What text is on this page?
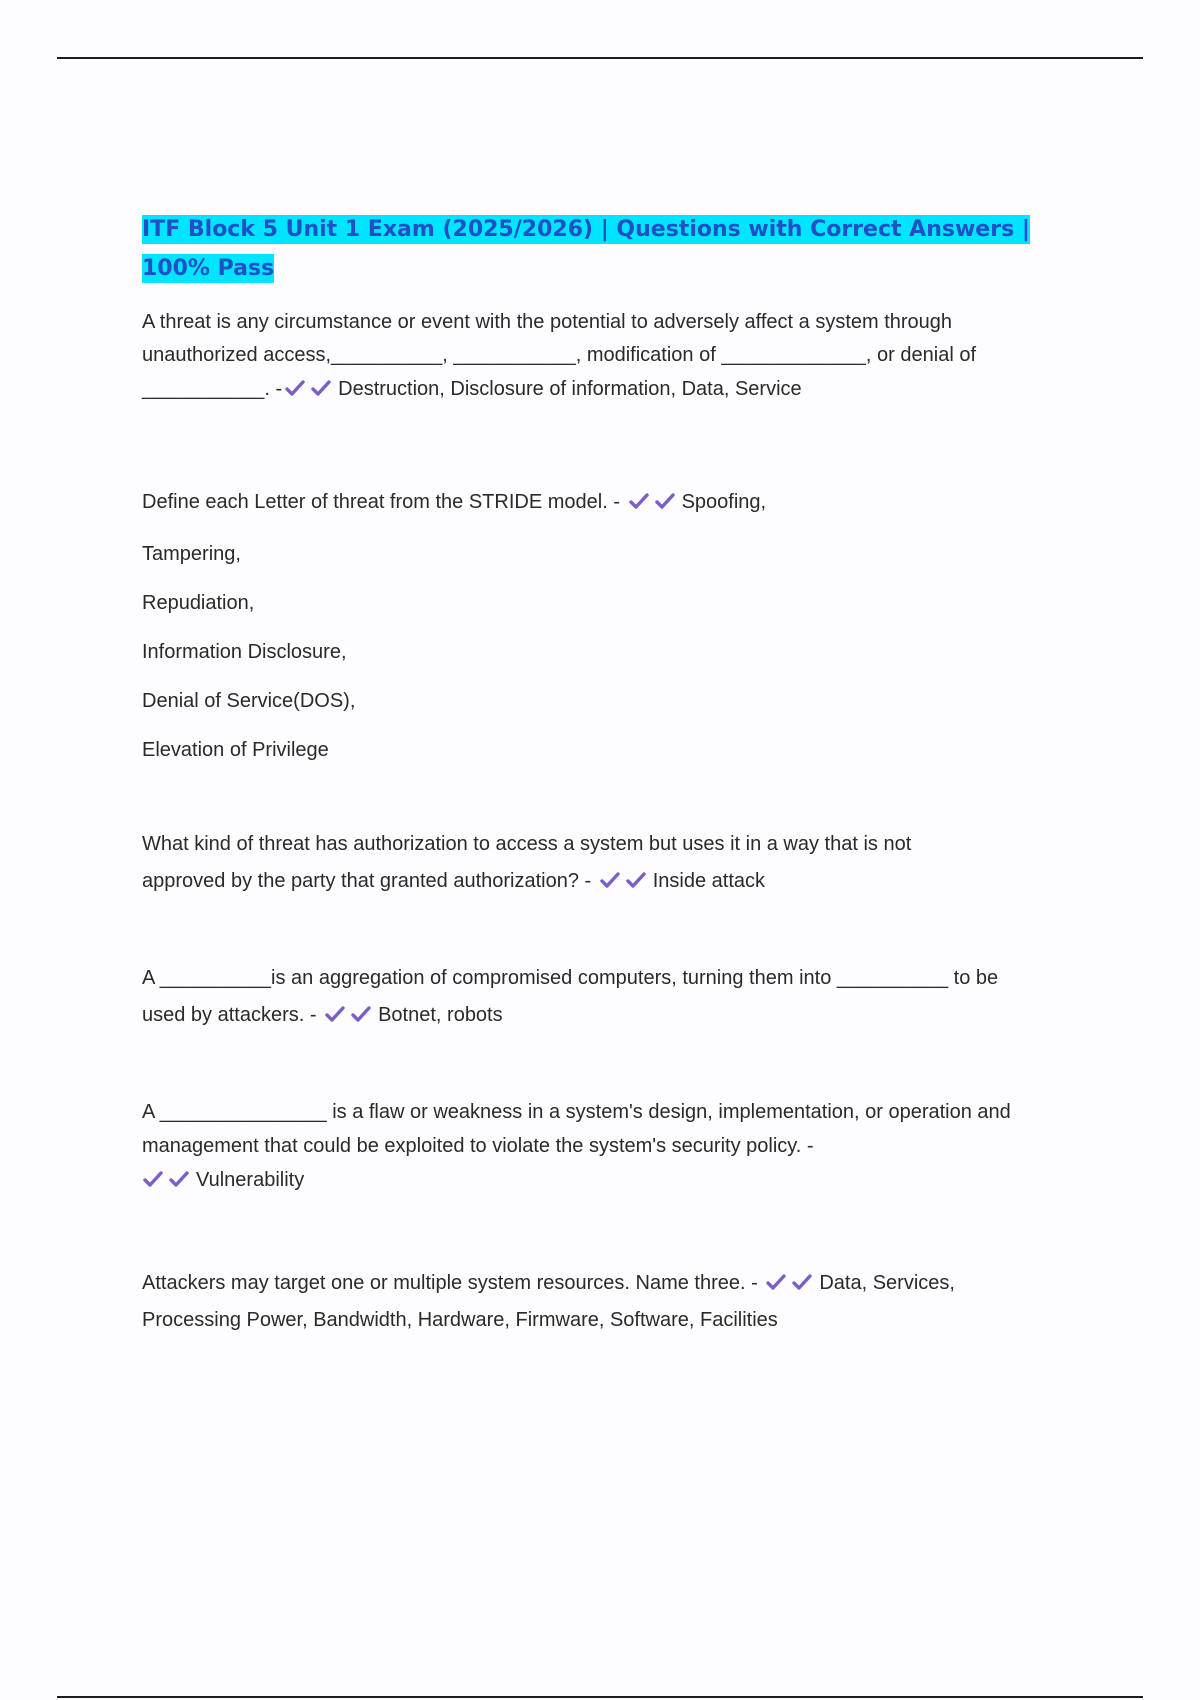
ITF Block 5 Unit 1 Exam (2025/2026) | Questions with Correct Answers | 100% Pass

A threat is any circumstance or event with the potential to adversely affect a system through

unauthorized access,__________, ___________, modification of _____________, or denial of

___________. -	Destruction, Disclosure of information, Data, Service

Define each Letter of threat from the STRIDE model. -	Spoofing,

Tampering,

Repudiation,

Information Disclosure,

Denial of Service(DOS),

Elevation of Privilege

What kind of threat has authorization to access a system but uses it in a way that is not

approved by the party that granted authorization? -	Inside attack

A __________is an aggregation of compromised computers, turning them into __________ to be

used by attackers. -	Botnet, robots

A _______________ is a flaw or weakness in a system's design, implementation, or operation and

management that could be exploited to violate the system's security policy. -

Vulnerability

Attackers may target one or multiple system resources. Name three. -	Data, Services,

Processing Power, Bandwidth, Hardware, Firmware, Software, Facilities
